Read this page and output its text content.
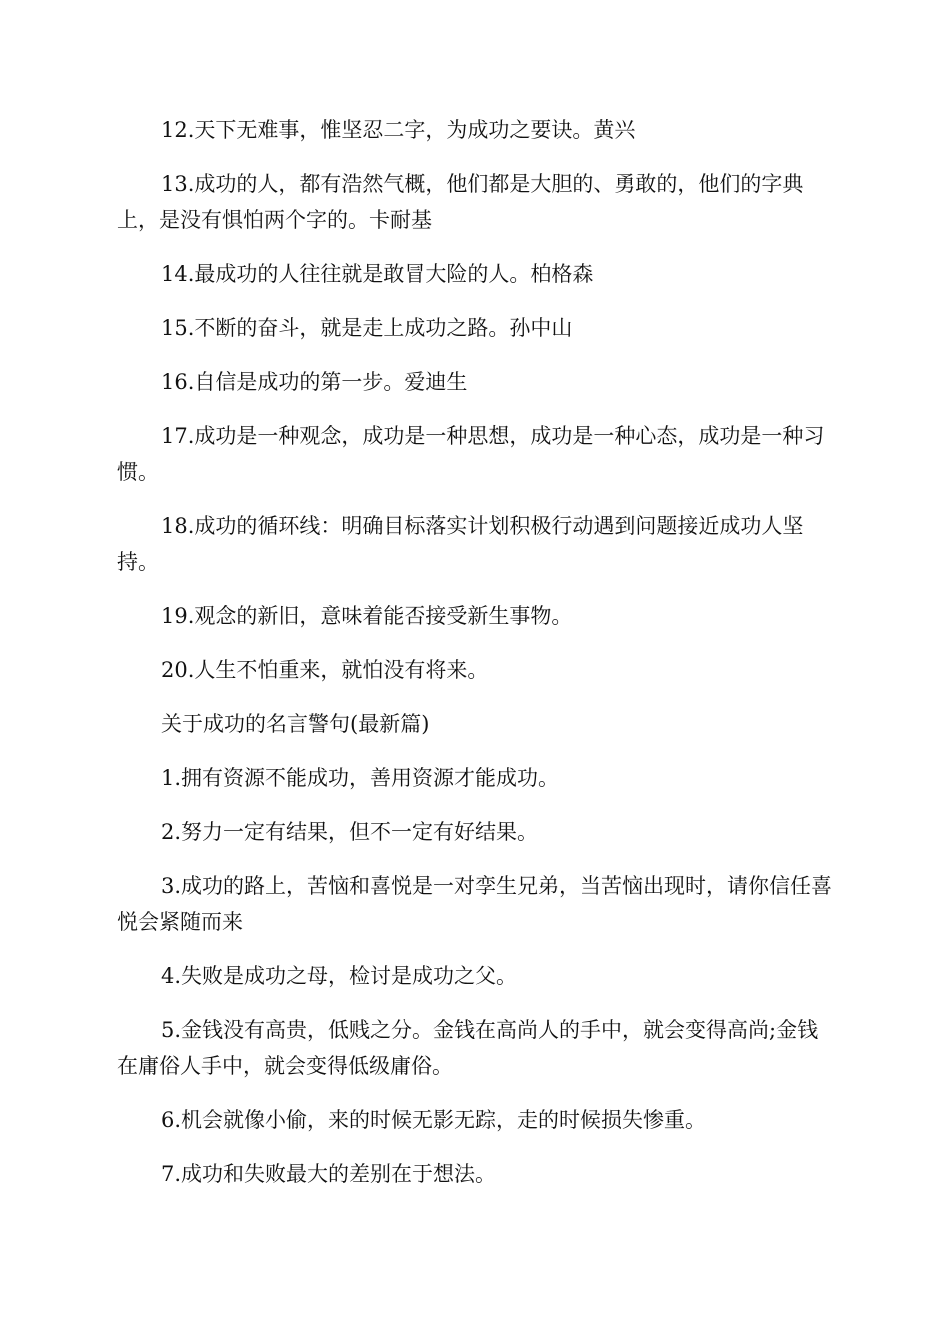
12.天下无难事，惟坚忍二字，为成功之要诀。黄兴

13.成功的人，都有浩然气概，他们都是大胆的、勇敢的，他们的字典上，是没有惧怕两个字的。卡耐基

14.最成功的人往往就是敢冒大险的人。柏格森

15.不断的奋斗，就是走上成功之路。孙中山

16.自信是成功的第一步。爱迪生

17.成功是一种观念，成功是一种思想，成功是一种心态，成功是一种习惯。

18.成功的循环线：明确目标落实计划积极行动遇到问题接近成功人坚持。

19.观念的新旧，意味着能否接受新生事物。

20.人生不怕重来，就怕没有将来。

关于成功的名言警句(最新篇)

1.拥有资源不能成功，善用资源才能成功。

2.努力一定有结果，但不一定有好结果。

3.成功的路上，苦恼和喜悦是一对孪生兄弟，当苦恼出现时，请你信任喜悦会紧随而来

4.失败是成功之母，检讨是成功之父。

5.金钱没有高贵，低贱之分。金钱在高尚人的手中，就会变得高尚;金钱在庸俗人手中，就会变得低级庸俗。

6.机会就像小偷，来的时候无影无踪，走的时候损失惨重。

7.成功和失败最大的差别在于想法。
